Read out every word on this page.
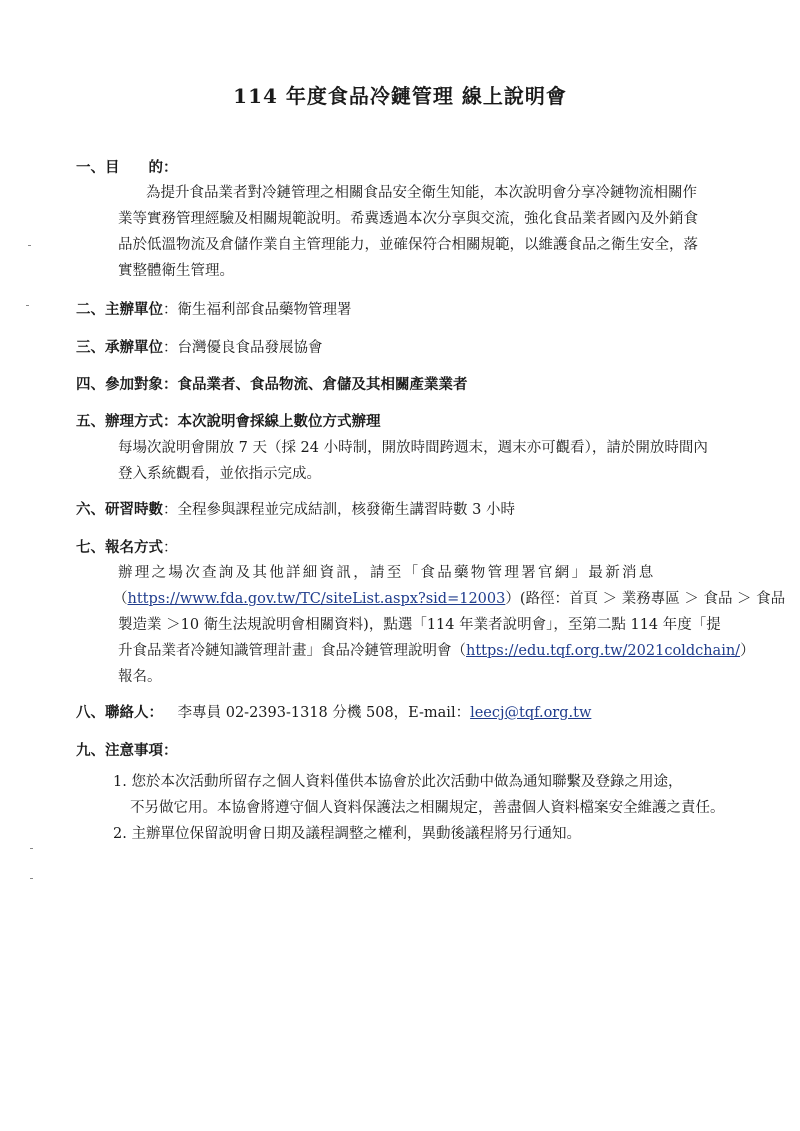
114 年度食品冷鏈管理 線上說明會
一、目　　的：
為提升食品業者對冷鏈管理之相關食品安全衛生知能，本次說明會分享冷鏈物流相關作
業等實務管理經驗及相關規範說明。希冀透過本次分享與交流，強化食品業者國內及外銷食
品於低溫物流及倉儲作業自主管理能力，並確保符合相關規範，以維護食品之衛生安全，落
實整體衛生管理。
二、主辦單位：衛生福利部食品藥物管理署
三、承辦單位：台灣優良食品發展協會
四、參加對象：食品業者、食品物流、倉儲及其相關產業業者
五、辦理方式：本次說明會採線上數位方式辦理
每場次說明會開放 7 天（採 24 小時制，開放時間跨週末，週末亦可觀看），請於開放時間內
登入系統觀看，並依指示完成。
六、研習時數：全程參與課程並完成結訓，核發衛生講習時數 3 小時
七、報名方式：
辦理之場次查詢及其他詳細資訊，請至「食品藥物管理署官網」最新消息
（https://www.fda.gov.tw/TC/siteList.aspx?sid=12003）(路徑：首頁 ＞ 業務專區 ＞ 食品 ＞ 食品
製造業 ＞10 衛生法規說明會相關資料)，點選「114 年業者說明會」，至第二點 114 年度「提
升食品業者冷鏈知識管理計畫」食品冷鏈管理說明會（https://edu.tqf.org.tw/2021coldchain/）
報名。
八、聯絡人： 李專員 02-2393-1318 分機 508，E-mail：leecj@tqf.org.tw
九、注意事項：
1. 您於本次活動所留存之個人資料僅供本協會於此次活動中做為通知聯繫及登錄之用途，
不另做它用。本協會將遵守個人資料保護法之相關規定，善盡個人資料檔案安全維護之責任。
2. 主辦單位保留說明會日期及議程調整之權利，異動後議程將另行通知。
